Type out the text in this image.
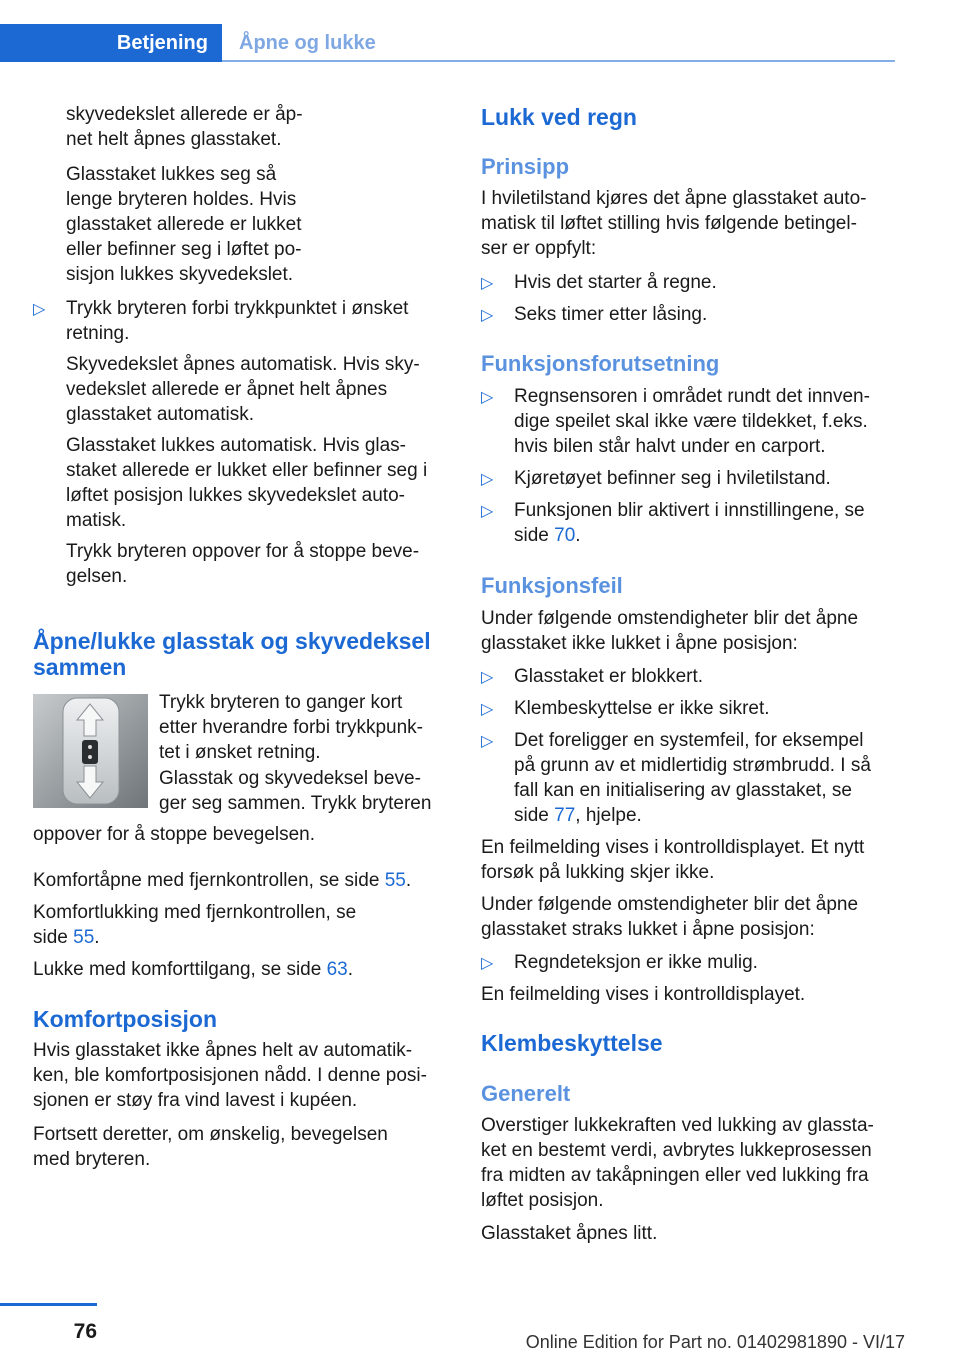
Betjening	Åpne og lukke

skyvedekslet allerede er åp‑
net helt åpnes glasstaket.

Glasstaket lukkes seg så
lenge bryteren holdes. Hvis
glasstaket allerede er lukket
eller befinner seg i løftet po‑
sisjon lukkes skyvedekslet.

▷ Trykk bryteren forbi trykkpunktet i ønsket
retning.

Skyvedekslet åpnes automatisk. Hvis sky‑
vedekslet allerede er åpnet helt åpnes
glasstaket automatisk.

Glasstaket lukkes automatisk. Hvis glas‑
staket allerede er lukket eller befinner seg i
løftet posisjon lukkes skyvedekslet auto‑
matisk.

Trykk bryteren oppover for å stoppe beve‑
gelsen.

Åpne/lukke glasstak og skyvedeksel
sammen

Trykk bryteren to ganger kort
etter hverandre forbi trykkpunk‑
tet i ønsket retning.

Glasstak og skyvedeksel beve‑
ger seg sammen. Trykk bryteren

oppover for å stoppe bevegelsen.

Komfortåpne med fjernkontrollen, se side 55.

Komfortlukking med fjernkontrollen, se
side 55.

Lukke med komforttilgang, se side 63.

Komfortposisjon

Hvis glasstaket ikke åpnes helt av automatik‑
ken, ble komfortposisjonen nådd. I denne posi‑
sjonen er støy fra vind lavest i kupéen.

Fortsett deretter, om ønskelig, bevegelsen
med bryteren.

Lukk ved regn
Prinsipp

I hviletilstand kjøres det åpne glasstaket auto‑
matisk til løftet stilling hvis følgende betingel‑
ser er oppfylt:

▷ Hvis det starter å regne.

▷ Seks timer etter låsing.

Funksjonsforutsetning
▷ Regnsensoren i området rundt det innven‑
dige speilet skal ikke være tildekket, f.eks.
hvis bilen står halvt under en carport.

▷ Kjøretøyet befinner seg i hviletilstand.

▷ Funksjonen blir aktivert i innstillingene, se
side 70.

Funksjonsfeil

Under følgende omstendigheter blir det åpne
glasstaket ikke lukket i åpne posisjon:

▷ Glasstaket er blokkert.

▷ Klembeskyttelse er ikke sikret.

▷ Det foreligger en systemfeil, for eksempel
på grunn av et midlertidig strømbrudd. I så
fall kan en initialisering av glasstaket, se
side 77, hjelpe.

En feilmelding vises i kontrolldisplayet. Et nytt
forsøk på lukking skjer ikke.

Under følgende omstendigheter blir det åpne
glasstaket straks lukket i åpne posisjon:

▷ Regndeteksjon er ikke mulig.

En feilmelding vises i kontrolldisplayet.

Klembeskyttelse
Generelt

Overstiger lukkekraften ved lukking av glassta‑
ket en bestemt verdi, avbrytes lukkeprosessen
fra midten av takåpningen eller ved lukking fra
løftet posisjon.

Glasstaket åpnes litt.

76	Online Edition for Part no. 01402981890 - VI/17
